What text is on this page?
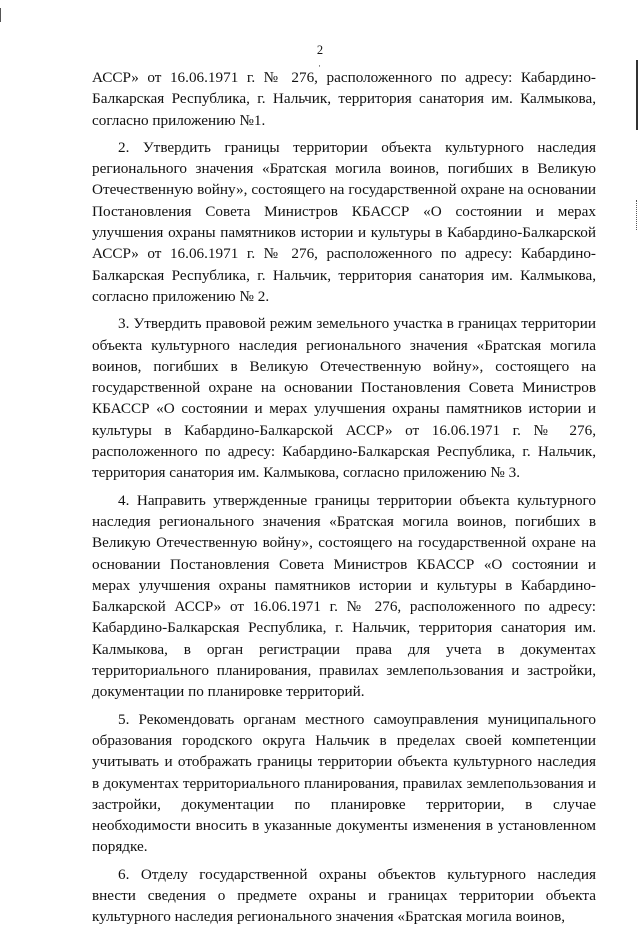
2
·

АССР» от 16.06.1971 г. № 276, расположенного по адресу: Кабардино-Балкарская Республика, г. Нальчик, территория санатория им. Калмыкова, согласно приложению №1.

2. Утвердить границы территории объекта культурного наследия регионального значения «Братская могила воинов, погибших в Великую Отечественную войну», состоящего на государственной охране на основании Постановления Совета Министров КБАССР «О состоянии и мерах улучшения охраны памятников истории и культуры в Кабардино-Балкарской АССР» от 16.06.1971 г. № 276, расположенного по адресу: Кабардино-Балкарская Республика, г. Нальчик, территория санатория им. Калмыкова, согласно приложению № 2.

3. Утвердить правовой режим земельного участка в границах территории объекта культурного наследия регионального значения «Братская могила воинов, погибших в Великую Отечественную войну», состоящего на государственной охране на основании Постановления Совета Министров КБАССР «О состоянии и мерах улучшения охраны памятников истории и культуры в Кабардино-Балкарской АССР» от 16.06.1971 г. № 276, расположенного по адресу: Кабардино-Балкарская Республика, г. Нальчик, территория санатория им. Калмыкова, согласно приложению № 3.

4. Направить утвержденные границы территории объекта культурного наследия регионального значения «Братская могила воинов, погибших в Великую Отечественную войну», состоящего на государственной охране на основании Постановления Совета Министров КБАССР «О состоянии и мерах улучшения охраны памятников истории и культуры в Кабардино-Балкарской АССР» от 16.06.1971 г. № 276, расположенного по адресу: Кабардино-Балкарская Республика, г. Нальчик, территория санатория им. Калмыкова, в орган регистрации права для учета в документах территориального планирования, правилах землепользования и застройки, документации по планировке территорий.

5. Рекомендовать органам местного самоуправления муниципального образования городского округа Нальчик в пределах своей компетенции учитывать и отображать границы территории объекта культурного наследия в документах территориального планирования, правилах землепользования и застройки, документации по планировке территории, в случае необходимости вносить в указанные документы изменения в установленном порядке.

6. Отделу государственной охраны объектов культурного наследия внести сведения о предмете охраны и границах территории объекта культурного наследия регионального значения «Братская могила воинов,
